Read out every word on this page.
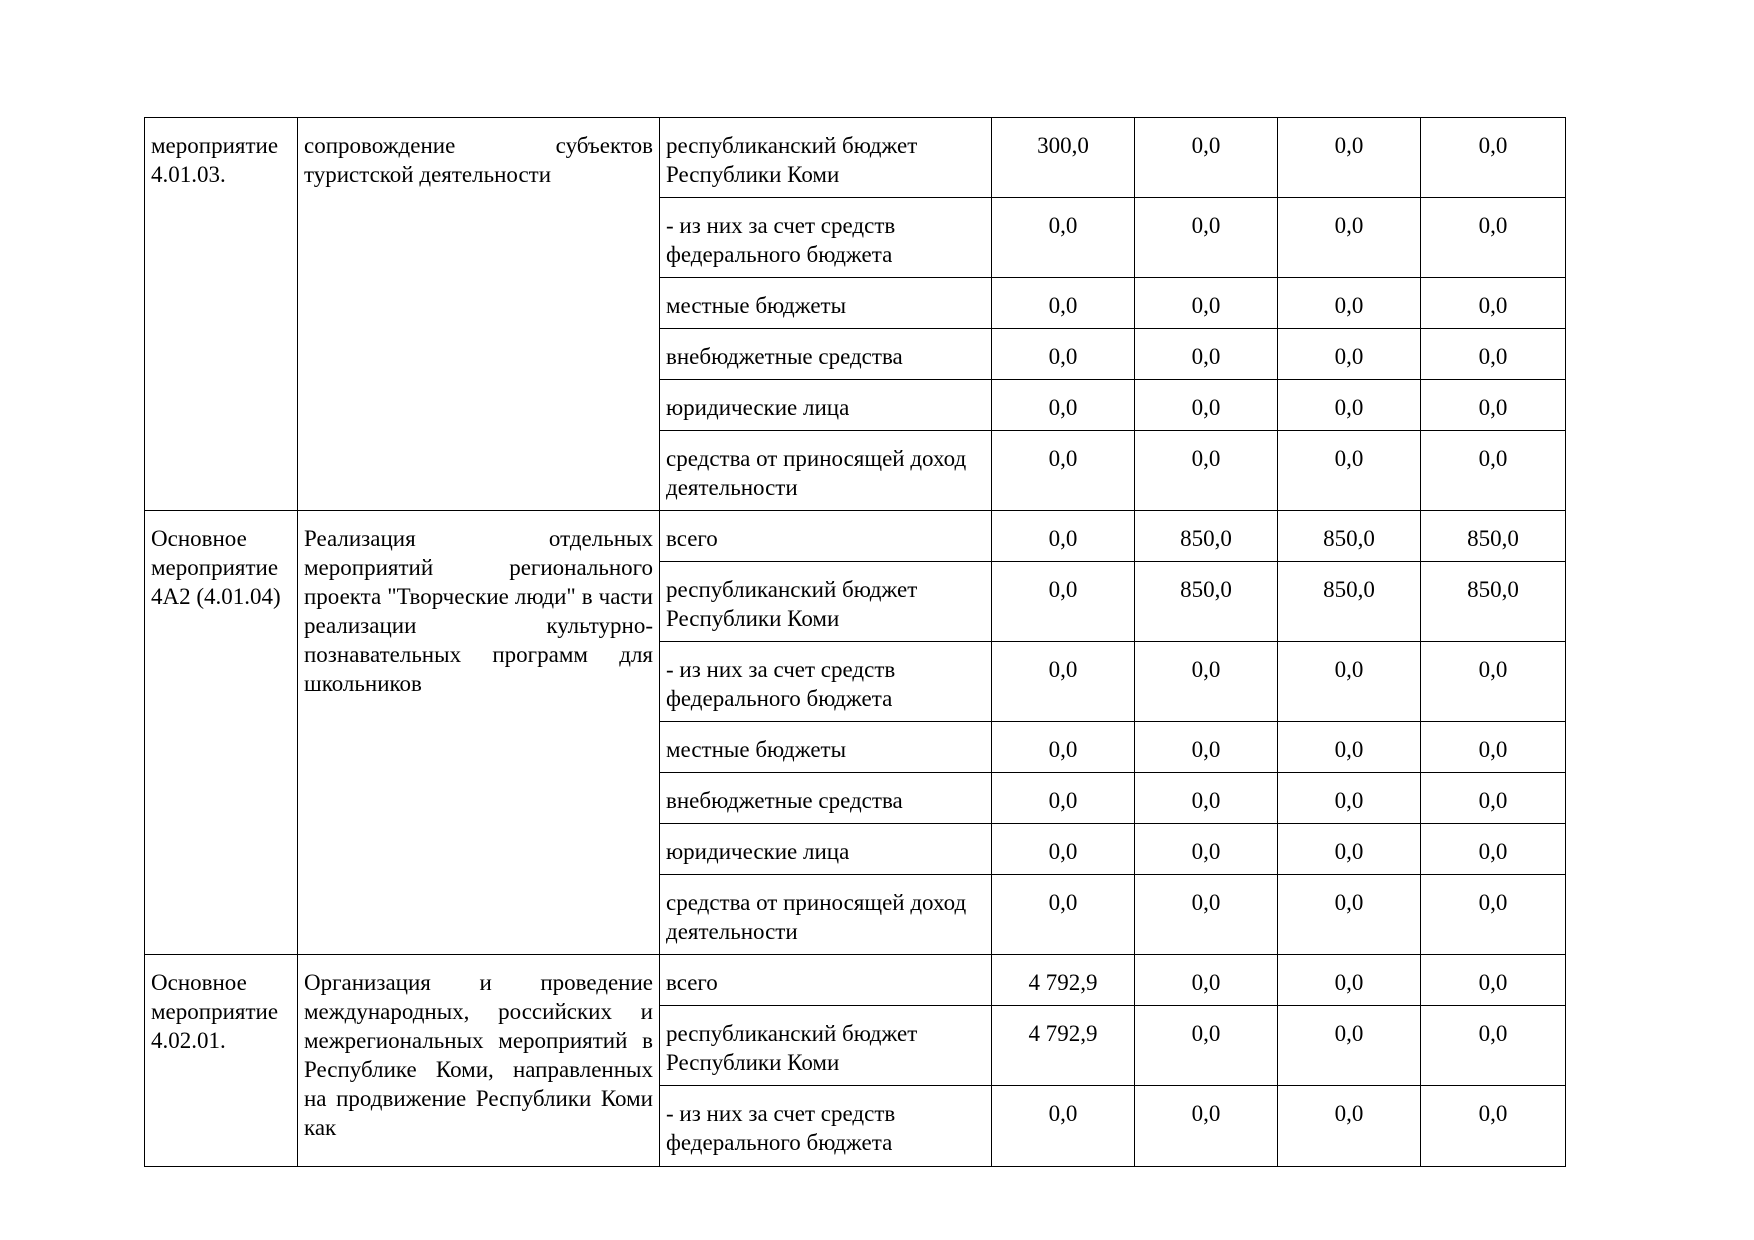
мероприятие 4.01.03.	сопровождение субъектов туристской деятельности	республиканский бюджет Республики Коми	300,0	0,0	0,0	0,0
		- из них за счет средств федерального бюджета	0,0	0,0	0,0	0,0
		местные бюджеты	0,0	0,0	0,0	0,0
		внебюджетные средства	0,0	0,0	0,0	0,0
		юридические лица	0,0	0,0	0,0	0,0
		средства от приносящей доход деятельности	0,0	0,0	0,0	0,0

Основное мероприятие 4А2 (4.01.04)	Реализация отдельных мероприятий регионального проекта "Творческие люди" в части реализации культурно-познавательных программ для школьников	всего	0,0	850,0	850,0	850,0
		республиканский бюджет Республики Коми	0,0	850,0	850,0	850,0
		- из них за счет средств федерального бюджета	0,0	0,0	0,0	0,0
		местные бюджеты	0,0	0,0	0,0	0,0
		внебюджетные средства	0,0	0,0	0,0	0,0
		юридические лица	0,0	0,0	0,0	0,0
		средства от приносящей доход деятельности	0,0	0,0	0,0	0,0

Основное мероприятие 4.02.01.	Организация и проведение международных, российских и межрегиональных мероприятий в Республике Коми, направленных на продвижение Республики Коми как	всего	4 792,9	0,0	0,0	0,0
		республиканский бюджет Республики Коми	4 792,9	0,0	0,0	0,0
		- из них за счет средств федерального бюджета	0,0	0,0	0,0	0,0
